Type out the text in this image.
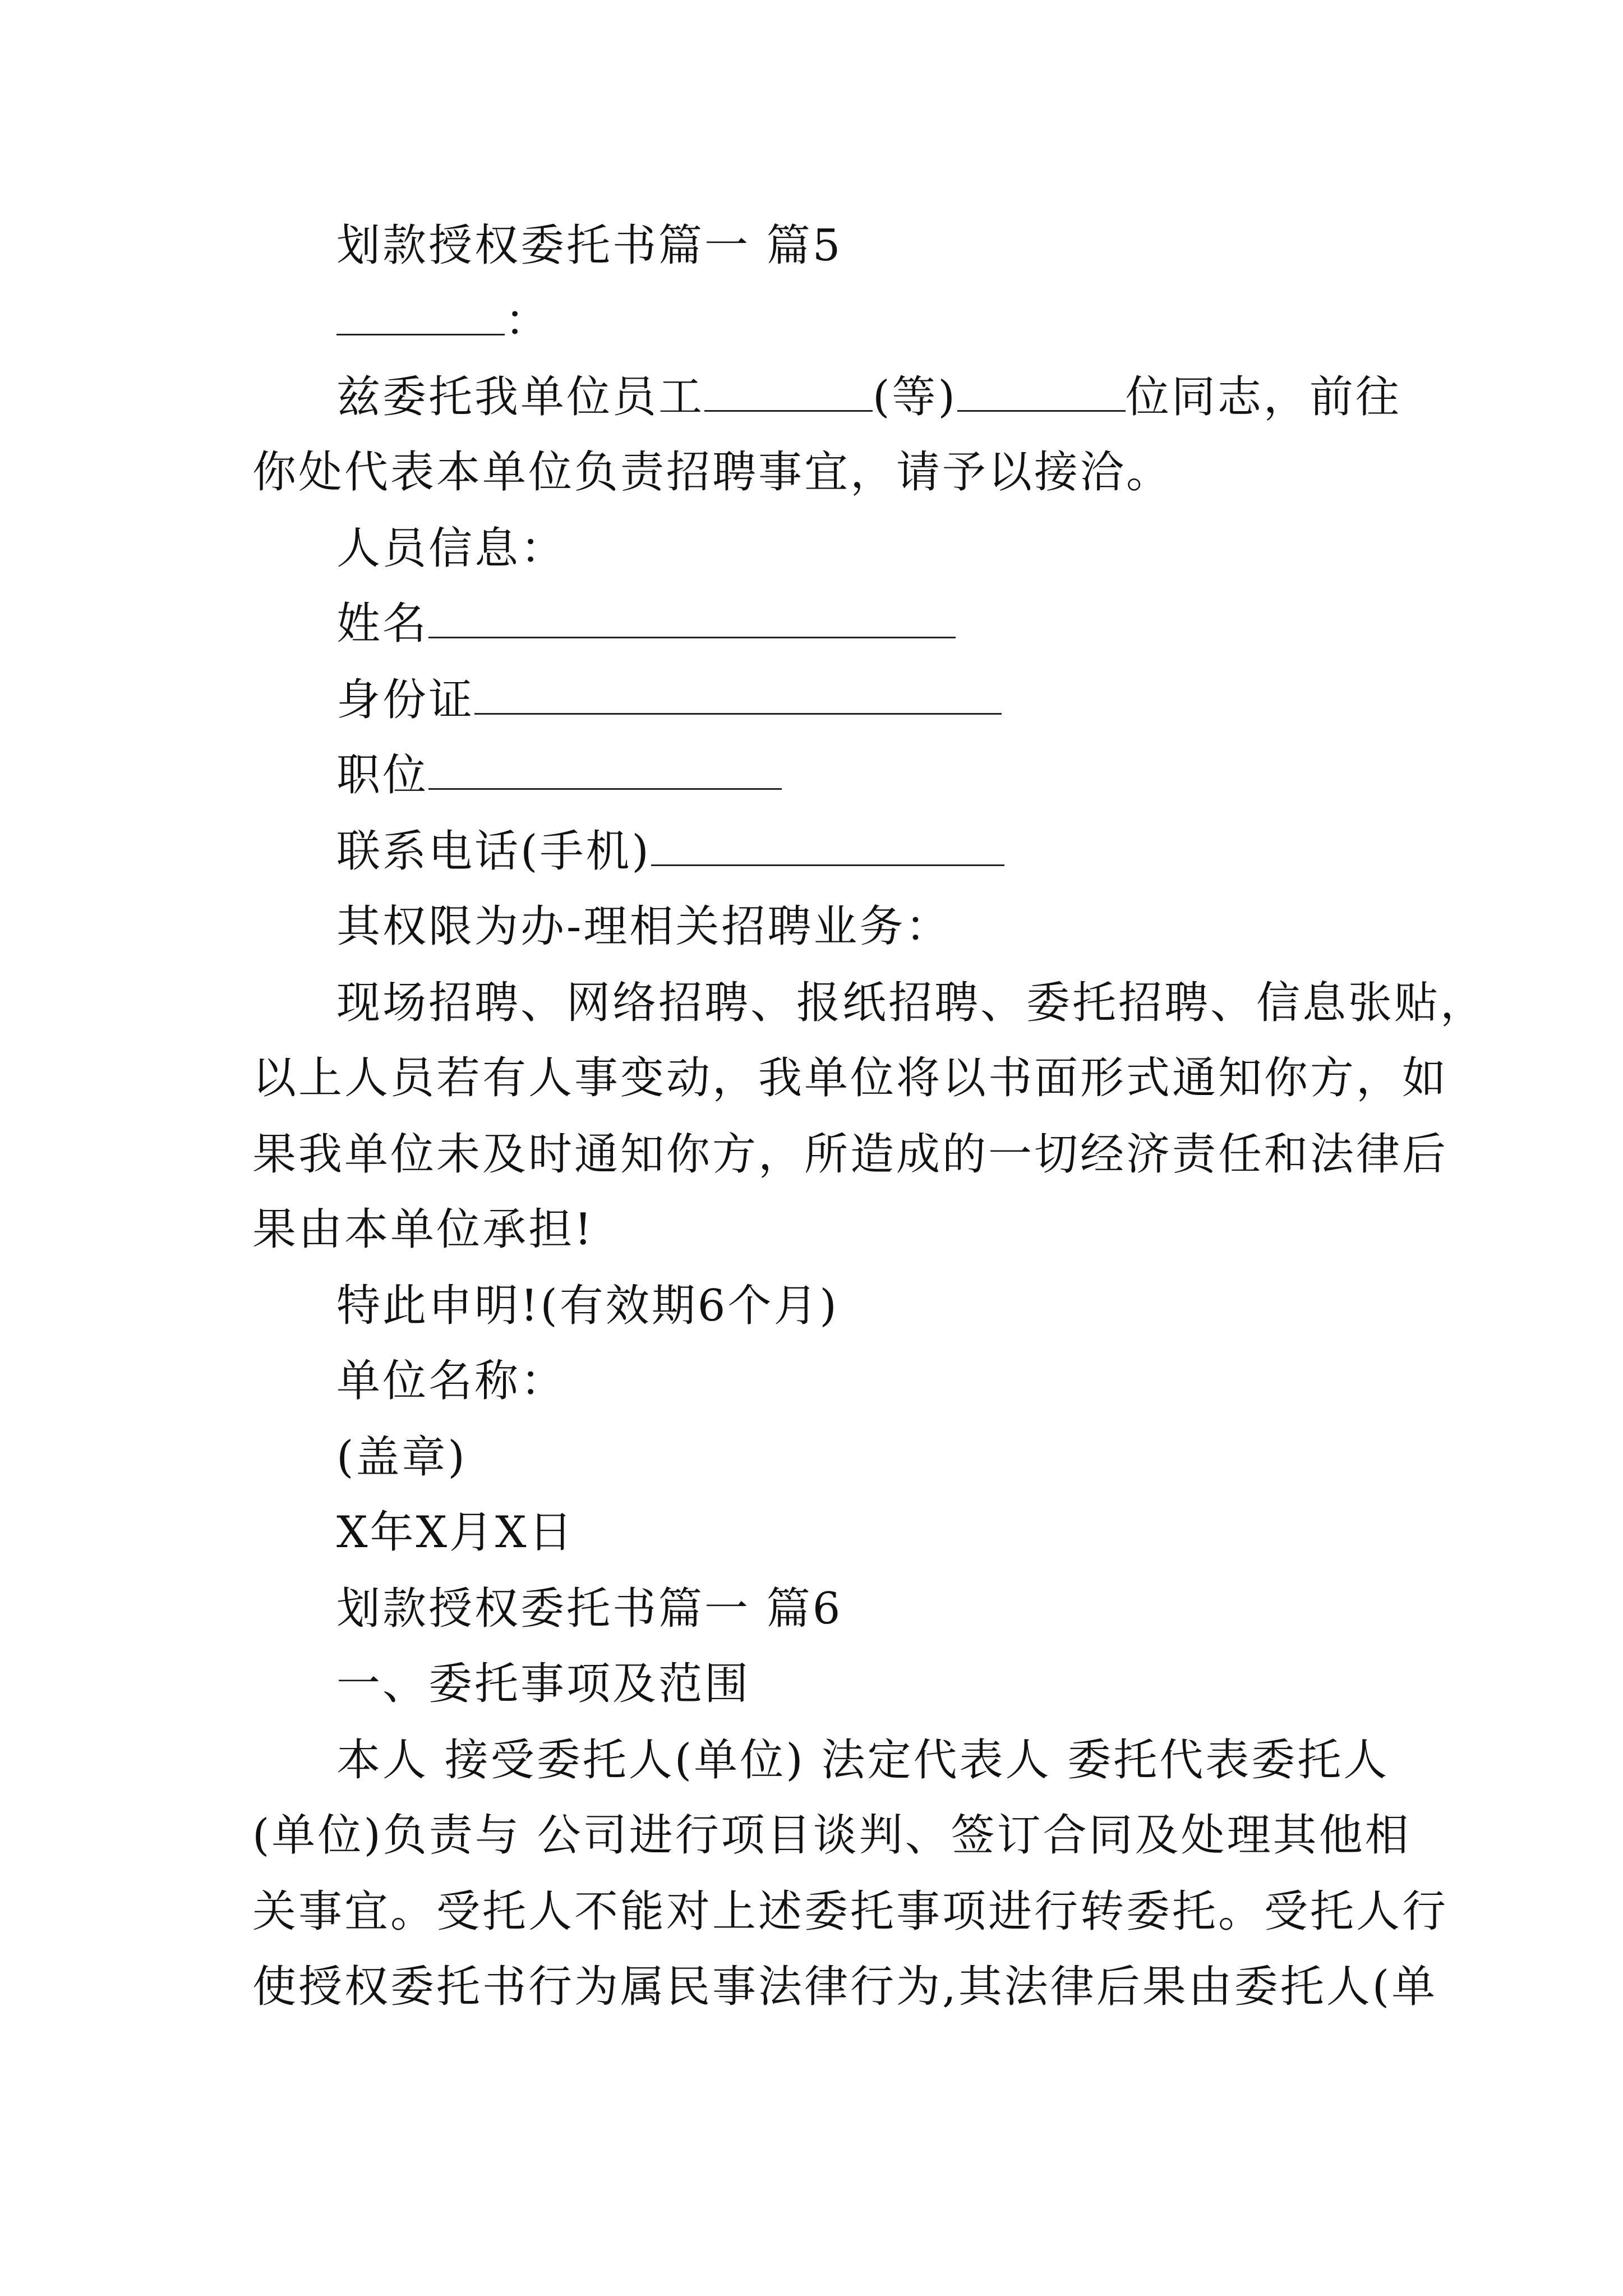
划款授权委托书篇一 篇5
：
兹委托我单位员工	(等)	位同志，前往
你处代表本单位负责招聘事宜，请予以接洽。
人员信息：
姓名
身份证
职位
联系电话(手机)
其权限为办-理相关招聘业务：
现场招聘、网络招聘、报纸招聘、委托招聘、信息张贴，
以上人员若有人事变动，我单位将以书面形式通知你方，如
果我单位未及时通知你方，所造成的一切经济责任和法律后
果由本单位承担!
特此申明!(有效期6个月)
单位名称：
(盖章)
X年X月X日
划款授权委托书篇一 篇6
一、委托事项及范围
本人 接受委托人(单位) 法定代表人 委托代表委托人
(单位)负责与 公司进行项目谈判、签订合同及处理其他相
关事宜。受托人不能对上述委托事项进行转委托。受托人行
使授权委托书行为属民事法律行为,其法律后果由委托人(单
